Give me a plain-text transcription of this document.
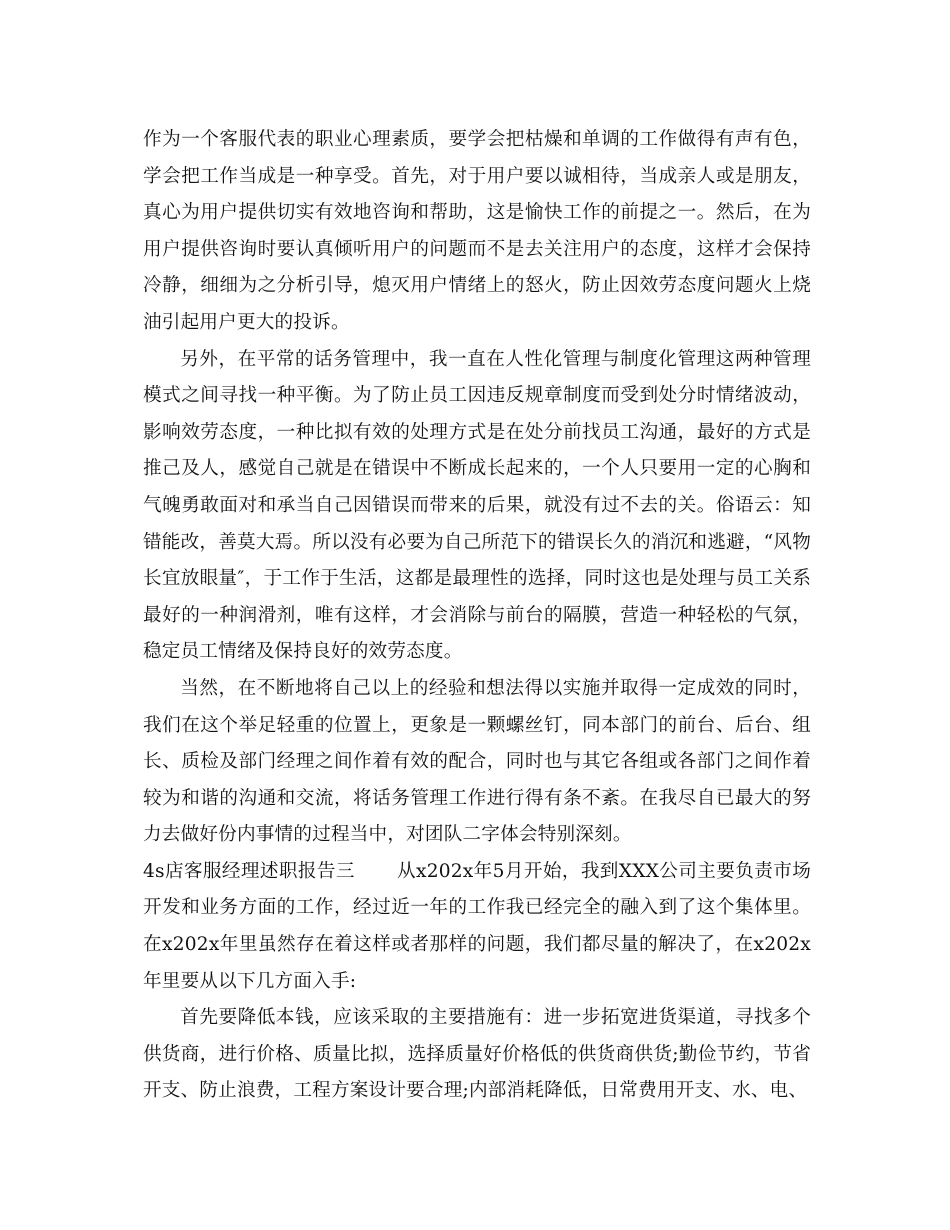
作为一个客服代表的职业心理素质，要学会把枯燥和单调的工作做得有声有色，学会把工作当成是一种享受。首先，对于用户要以诚相待，当成亲人或是朋友，真心为用户提供切实有效地咨询和帮助，这是愉快工作的前提之一。然后，在为用户提供咨询时要认真倾听用户的问题而不是去关注用户的态度，这样才会保持冷静，细细为之分析引导，熄灭用户情绪上的怒火，防止因效劳态度问题火上烧油引起用户更大的投诉。

另外，在平常的话务管理中，我一直在人性化管理与制度化管理这两种管理模式之间寻找一种平衡。为了防止员工因违反规章制度而受到处分时情绪波动，影响效劳态度，一种比拟有效的处理方式是在处分前找员工沟通，最好的方式是推己及人，感觉自己就是在错误中不断成长起来的，一个人只要用一定的心胸和气魄勇敢面对和承当自己因错误而带来的后果，就没有过不去的关。俗语云：知错能改，善莫大焉。所以没有必要为自己所范下的错误长久的消沉和逃避，“风物长宜放眼量″，于工作于生活，这都是最理性的选择，同时这也是处理与员工关系最好的一种润滑剂，唯有这样，才会消除与前台的隔膜，营造一种轻松的气氛，稳定员工情绪及保持良好的效劳态度。

当然，在不断地将自己以上的经验和想法得以实施并取得一定成效的同时，我们在这个举足轻重的位置上，更象是一颗螺丝钉，同本部门的前台、后台、组长、质检及部门经理之间作着有效的配合，同时也与其它各组或各部门之间作着较为和谐的沟通和交流，将话务管理工作进行得有条不紊。在我尽自已最大的努力去做好份内事情的过程当中，对团队二字体会特别深刻。

4s店客服经理述职报告三 从x202x年5月开始，我到XXX公司主要负责市场开发和业务方面的工作，经过近一年的工作我已经完全的融入到了这个集体里。在x202x年里虽然存在着这样或者那样的问题，我们都尽量的解决了，在x202x年里要从以下几方面入手:

首先要降低本钱，应该采取的主要措施有：进一步拓宽进货渠道，寻找多个供货商，进行价格、质量比拟，选择质量好价格低的供货商供货;勤俭节约，节省开支、防止浪费，工程方案设计要合理;内部消耗降低，日常费用开支、水、电、
